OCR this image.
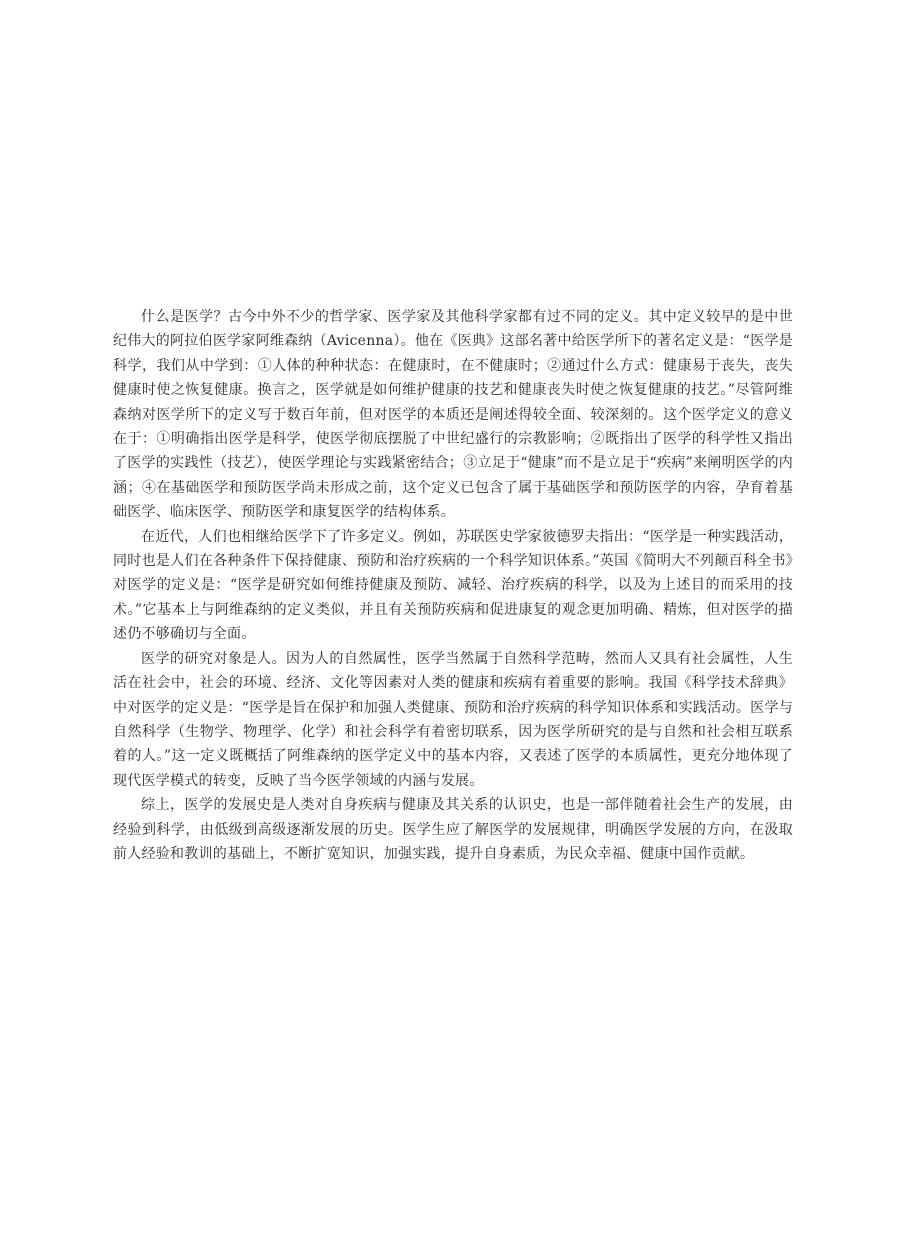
什么是医学？古今中外不少的哲学家、医学家及其他科学家都有过不同的定义。其中定义较早的是中世纪伟大的阿拉伯医学家阿维森纳（Avicenna）。他在《医典》这部名著中给医学所下的著名定义是：“医学是科学，我们从中学到：①人体的种种状态：在健康时，在不健康时；②通过什么方式：健康易于丧失，丧失健康时使之恢复健康。换言之，医学就是如何维护健康的技艺和健康丧失时使之恢复健康的技艺。”尽管阿维森纳对医学所下的定义写于数百年前，但对医学的本质还是阐述得较全面、较深刻的。这个医学定义的意义在于：①明确指出医学是科学，使医学彻底摆脱了中世纪盛行的宗教影响；②既指出了医学的科学性又指出了医学的实践性（技艺），使医学理论与实践紧密结合；③立足于“健康”而不是立足于“疾病”来阐明医学的内涵；④在基础医学和预防医学尚未形成之前，这个定义已包含了属于基础医学和预防医学的内容，孕育着基础医学、临床医学、预防医学和康复医学的结构体系。

在近代，人们也相继给医学下了许多定义。例如，苏联医史学家彼德罗夫指出：“医学是一种实践活动，同时也是人们在各种条件下保持健康、预防和治疗疾病的一个科学知识体系。”英国《简明大不列颠百科全书》对医学的定义是：“医学是研究如何维持健康及预防、减轻、治疗疾病的科学，以及为上述目的而采用的技术。”它基本上与阿维森纳的定义类似，并且有关预防疾病和促进康复的观念更加明确、精炼，但对医学的描述仍不够确切与全面。

医学的研究对象是人。因为人的自然属性，医学当然属于自然科学范畴，然而人又具有社会属性，人生活在社会中，社会的环境、经济、文化等因素对人类的健康和疾病有着重要的影响。我国《科学技术辞典》中对医学的定义是：“医学是旨在保护和加强人类健康、预防和治疗疾病的科学知识体系和实践活动。医学与自然科学（生物学、物理学、化学）和社会科学有着密切联系，因为医学所研究的是与自然和社会相互联系着的人。”这一定义既概括了阿维森纳的医学定义中的基本内容，又表述了医学的本质属性，更充分地体现了现代医学模式的转变，反映了当今医学领域的内涵与发展。

综上，医学的发展史是人类对自身疾病与健康及其关系的认识史，也是一部伴随着社会生产的发展，由经验到科学，由低级到高级逐渐发展的历史。医学生应了解医学的发展规律，明确医学发展的方向，在汲取前人经验和教训的基础上，不断扩宽知识，加强实践，提升自身素质，为民众幸福、健康中国作贡献。
